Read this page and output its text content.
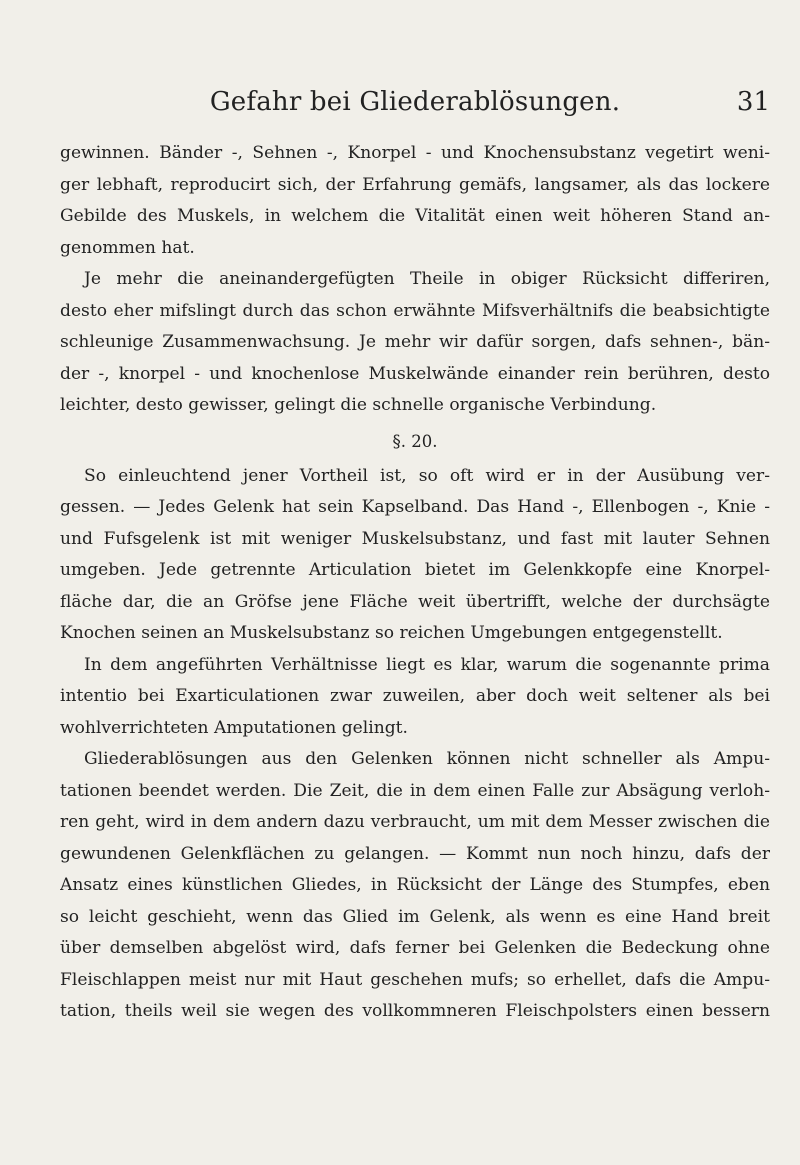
Gefahr bei Gliederablösungen.	31
gewinnen. Bänder -, Sehnen -, Knorpel - und Knochensubstanz vegetirt weni-
ger lebhaft, reproducirt sich, der Erfahrung gemäfs, langsamer, als das lockere
Gebilde des Muskels, in welchem die Vitalität einen weit höheren Stand an-
genommen hat.
Je mehr die aneinandergefügten Theile in obiger Rücksicht differiren,
desto eher mifslingt durch das schon erwähnte Mifsverhältnifs die beabsichtigte
schleunige Zusammenwachsung. Je mehr wir dafür sorgen, dafs sehnen-, bän-
der -, knorpel - und knochenlose Muskelwände einander rein berühren, desto
leichter, desto gewisser, gelingt die schnelle organische Verbindung.
§. 20.
So einleuchtend jener Vortheil ist, so oft wird er in der Ausübung ver-
gessen. — Jedes Gelenk hat sein Kapselband. Das Hand -, Ellenbogen -, Knie -
und Fufsgelenk ist mit weniger Muskelsubstanz, und fast mit lauter Sehnen
umgeben. Jede getrennte Articulation bietet im Gelenkkopfe eine Knorpel-
fläche dar, die an Gröfse jene Fläche weit übertrifft, welche der durchsägte
Knochen seinen an Muskelsubstanz so reichen Umgebungen entgegenstellt.
In dem angeführten Verhältnisse liegt es klar, warum die sogenannte prima
intentio bei Exarticulationen zwar zuweilen, aber doch weit seltener als bei
wohlverrichteten Amputationen gelingt.
Gliederablösungen aus den Gelenken können nicht schneller als Ampu-
tationen beendet werden. Die Zeit, die in dem einen Falle zur Absägung verloh-
ren geht, wird in dem andern dazu verbraucht, um mit dem Messer zwischen die
gewundenen Gelenkflächen zu gelangen. — Kommt nun noch hinzu, dafs der
Ansatz eines künstlichen Gliedes, in Rücksicht der Länge des Stumpfes, eben
so leicht geschieht, wenn das Glied im Gelenk, als wenn es eine Hand breit
über demselben abgelöst wird, dafs ferner bei Gelenken die Bedeckung ohne
Fleischlappen meist nur mit Haut geschehen mufs; so erhellet, dafs die Ampu-
tation, theils weil sie wegen des vollkommneren Fleischpolsters einen bessern
